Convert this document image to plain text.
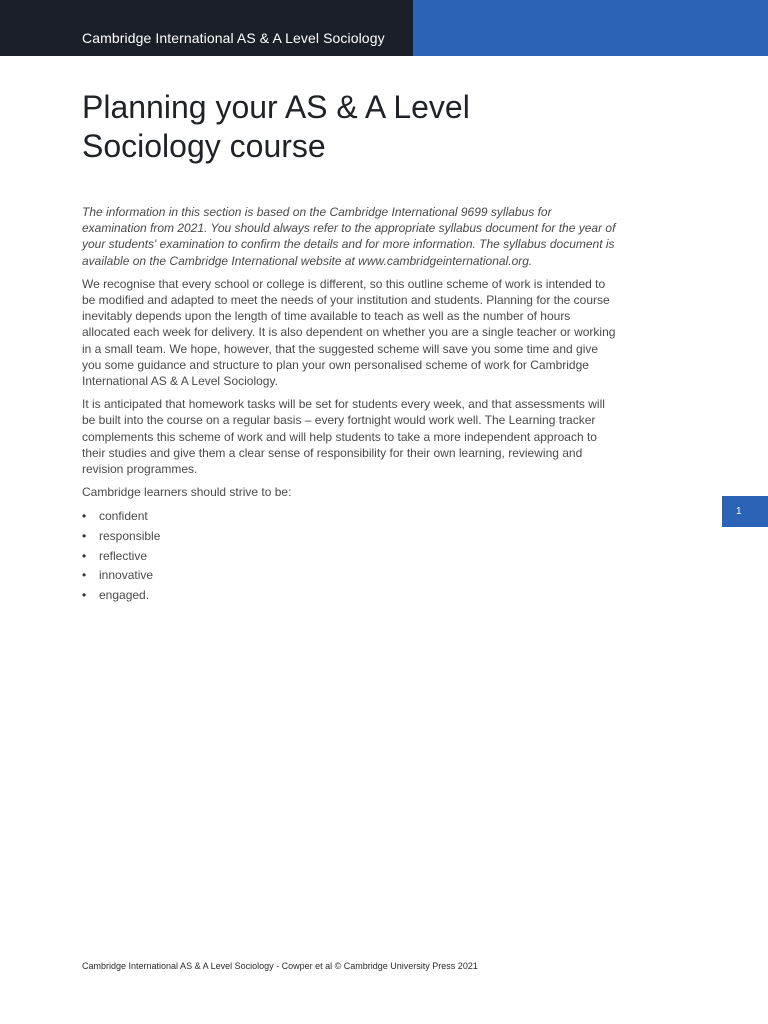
Cambridge International AS & A Level Sociology
Planning your AS & A Level Sociology course

The information in this section is based on the Cambridge International 9699 syllabus for examination from 2021. You should always refer to the appropriate syllabus document for the year of your students' examination to confirm the details and for more information. The syllabus document is available on the Cambridge International website at www.cambridgeinternational.org.

We recognise that every school or college is different, so this outline scheme of work is intended to be modified and adapted to meet the needs of your institution and students. Planning for the course inevitably depends upon the length of time available to teach as well as the number of hours allocated each week for delivery. It is also dependent on whether you are a single teacher or working in a small team. We hope, however, that the suggested scheme will save you some time and give you some guidance and structure to plan your own personalised scheme of work for Cambridge International AS & A Level Sociology.

It is anticipated that homework tasks will be set for students every week, and that assessments will be built into the course on a regular basis – every fortnight would work well. The Learning tracker complements this scheme of work and will help students to take a more independent approach to their studies and give them a clear sense of responsibility for their own learning, reviewing and revision programmes.

Cambridge learners should strive to be:

• confident
• responsible
• reflective
• innovative
• engaged.
1
Cambridge International AS & A Level Sociology - Cowper et al © Cambridge University Press 2021
